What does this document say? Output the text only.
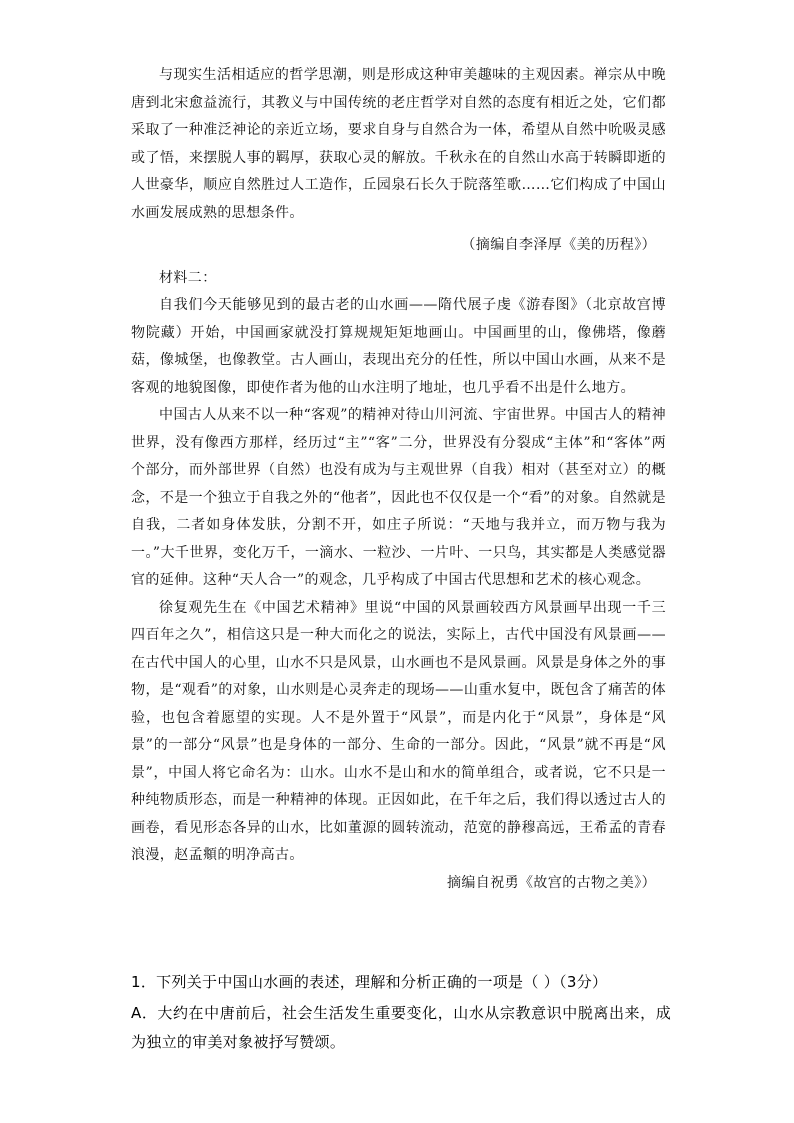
与现实生活相适应的哲学思潮，则是形成这种审美趣味的主观因素。禅宗从中晚唐到北宋愈益流行，其教义与中国传统的老庄哲学对自然的态度有相近之处，它们都采取了一种准泛神论的亲近立场，要求自身与自然合为一体，希望从自然中吮吸灵感或了悟，来摆脱人事的羁厚，获取心灵的解放。千秋永在的自然山水高于转瞬即逝的人世豪华，顺应自然胜过人工造作，丘园泉石长久于院落笙歌……它们构成了中国山水画发展成熟的思想条件。

（摘编自李泽厚《美的历程》）

材料二：

自我们今天能够见到的最古老的山水画——隋代展子虔《游春图》（北京故宫博物院藏）开始，中国画家就没打算规规矩矩地画山。中国画里的山，像佛塔，像蘑菇，像城堡，也像教堂。古人画山，表现出充分的任性，所以中国山水画，从来不是客观的地貌图像，即使作者为他的山水注明了地址，也几乎看不出是什么地方。

中国古人从来不以一种“客观”的精神对待山川河流、宇宙世界。中国古人的精神世界，没有像西方那样，经历过“主”“客”二分，世界没有分裂成“主体”和“客体”两个部分，而外部世界（自然）也没有成为与主观世界（自我）相对（甚至对立）的概念，不是一个独立于自我之外的“他者”，因此也不仅仅是一个“看”的对象。自然就是自我，二者如身体发肤，分割不开，如庄子所说：“天地与我并立，而万物与我为一。”大千世界，变化万千，一滴水、一粒沙、一片叶、一只鸟，其实都是人类感觉器官的延伸。这种“天人合一”的观念，几乎构成了中国古代思想和艺术的核心观念。

徐复观先生在《中国艺术精神》里说“中国的风景画较西方风景画早出现一千三四百年之久”，相信这只是一种大而化之的说法，实际上，古代中国没有风景画——在古代中国人的心里，山水不只是风景，山水画也不是风景画。风景是身体之外的事物，是“观看”的对象，山水则是心灵奔走的现场——山重水复中，既包含了痛苦的体验，也包含着愿望的实现。人不是外置于“风景”，而是内化于“风景”，身体是“风景”的一部分“风景”也是身体的一部分、生命的一部分。因此，“风景”就不再是“风景”，中国人将它命名为：山水。山水不是山和水的简单组合，或者说，它不只是一种纯物质形态，而是一种精神的体现。正因如此，在千年之后，我们得以透过古人的画卷，看见形态各异的山水，比如董源的圆转流动，范宽的静穆高远，王希孟的青春浪漫，赵孟頫的明净高古。

摘编自祝勇《故宫的古物之美》）

1．下列关于中国山水画的表述，理解和分析正确的一项是（ ）（3分）

A．大约在中唐前后，社会生活发生重要变化，山水从宗教意识中脱离出来，成为独立的审美对象被抒写赞颂。
